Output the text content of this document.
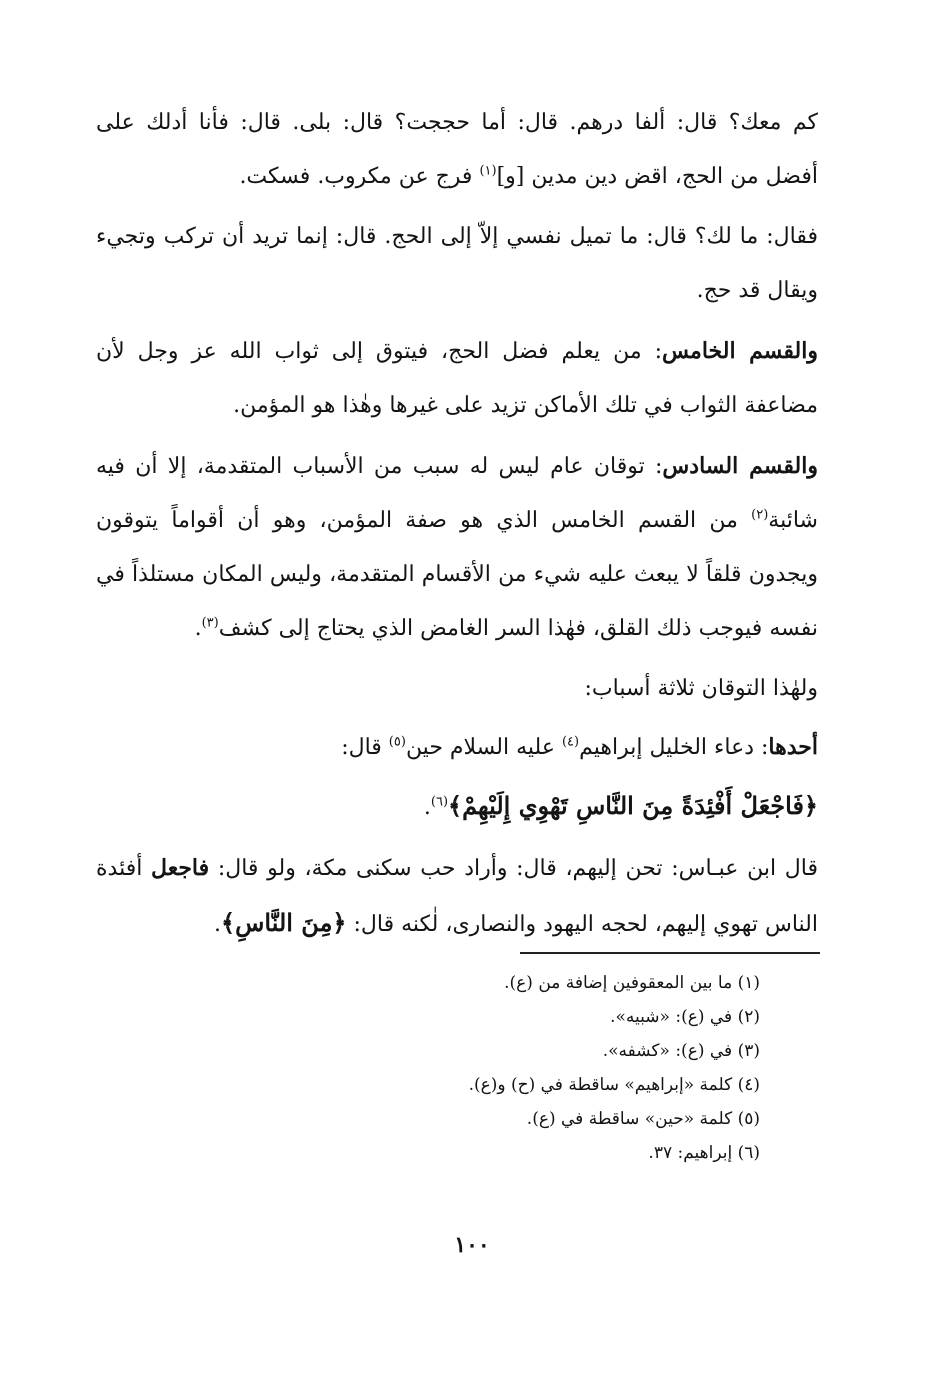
كم معك؟ قال: ألفا درهم. قال: أما حججت؟ قال: بلى. قال: فأنا أدلك على أفضل من الحج، اقض دين مدين [و]$^{(١)}$ فرج عن مكروب. فسكت.

فقال: ما لك؟ قال: ما تميل نفسي إلاّ إلى الحج. قال: إنما تريد أن تركب وتجيء ويقال قد حج.

والقسم الخامس: من يعلم فضل الحج، فيتوق إلى ثواب الله عز وجل لأن مضاعفة الثواب في تلك الأماكن تزيد على غيرها وهٰذا هو المؤمن.

والقسم السادس: توقان عام ليس له سبب من الأسباب المتقدمة، إلا أن فيه شائبة$^{(٢)}$ من القسم الخامس الذي هو صفة المؤمن، وهو أن أقواماً يتوقون ويجدون قلقاً لا يبعث عليه شيء من الأقسام المتقدمة، وليس المكان مستلذاً في نفسه فيوجب ذلك القلق، فهٰذا السر الغامض الذي يحتاج إلى كشف$^{(٣)}$.

ولهٰذا التوقان ثلاثة أسباب:

أحدها: دعاء الخليل إبراهيم$^{(٤)}$ عليه السلام حين$^{(٥)}$ قال:

﴿فَاجْعَلْ أَفْئِدَةً مِنَ النَّاسِ تَهْوِي إِلَيْهِمْ﴾$^{(٦)}$.

قال ابن عبـاس: تحن إليهم، قال: وأراد حب سكنى مكة، ولو قال: فاجعل أفئدة الناس تهوي إليهم، لحجه اليهود والنصارى، لٰكنه قال: ﴿مِنَ النَّاسِ﴾.

(١) ما بين المعقوفين إضافة من (ع).

(٢) في (ع): «شبيه».

(٣) في (ع): «كشفه».

(٤) كلمة «إبراهيم» ساقطة في (ح) و(ع).

(٥) كلمة «حين» ساقطة في (ع).

(٦) إبراهيم: ٣٧.

١٠٠
